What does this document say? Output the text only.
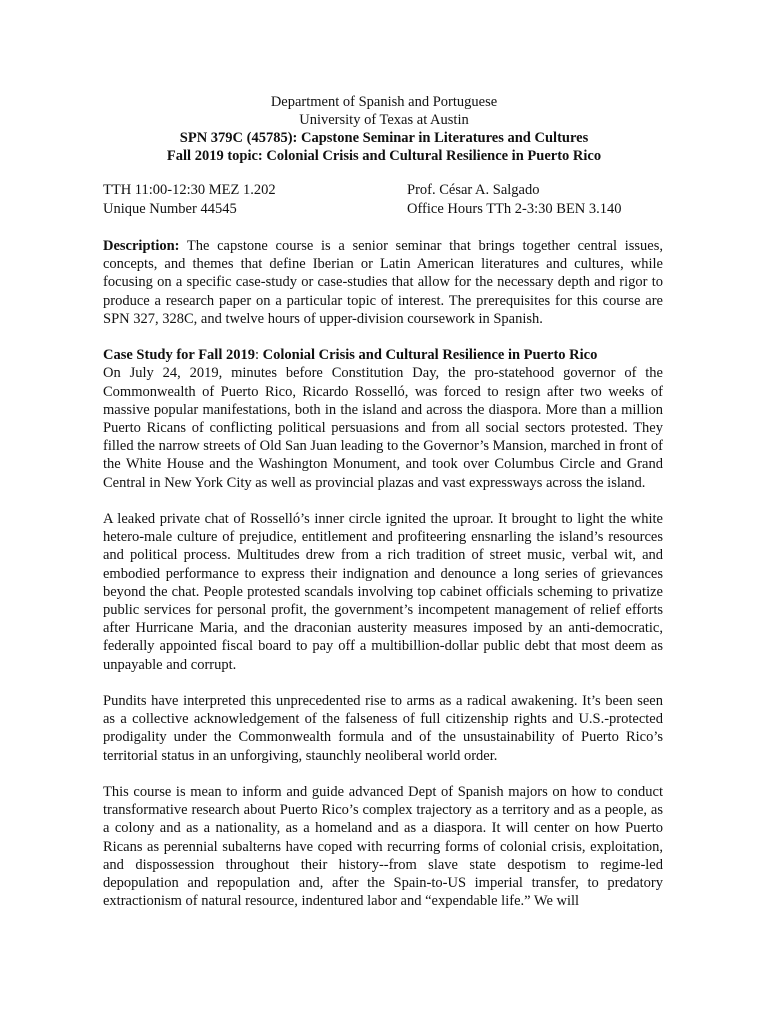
Department of Spanish and Portuguese
University of Texas at Austin
SPN 379C (45785): Capstone Seminar in Literatures and Cultures
Fall 2019 topic: Colonial Crisis and Cultural Resilience in Puerto Rico
TTH 11:00-12:30 MEZ 1.202	Prof. César A. Salgado
Unique Number 44545	Office Hours TTh 2-3:30 BEN 3.140

Description: The capstone course is a senior seminar that brings together central issues, concepts, and themes that define Iberian or Latin American literatures and cultures, while focusing on a specific case-study or case-studies that allow for the necessary depth and rigor to produce a research paper on a particular topic of interest. The prerequisites for this course are SPN 327, 328C, and twelve hours of upper-division coursework in Spanish.

Case Study for Fall 2019: Colonial Crisis and Cultural Resilience in Puerto Rico

On July 24, 2019, minutes before Constitution Day, the pro-statehood governor of the Commonwealth of Puerto Rico, Ricardo Rosselló, was forced to resign after two weeks of massive popular manifestations, both in the island and across the diaspora. More than a million Puerto Ricans of conflicting political persuasions and from all social sectors protested. They filled the narrow streets of Old San Juan leading to the Governor’s Mansion, marched in front of the White House and the Washington Monument, and took over Columbus Circle and Grand Central in New York City as well as provincial plazas and vast expressways across the island.

A leaked private chat of Rosselló’s inner circle ignited the uproar. It brought to light the white hetero-male culture of prejudice, entitlement and profiteering ensnarling the island’s resources and political process. Multitudes drew from a rich tradition of street music, verbal wit, and embodied performance to express their indignation and denounce a long series of grievances beyond the chat. People protested scandals involving top cabinet officials scheming to privatize public services for personal profit, the government’s incompetent management of relief efforts after Hurricane Maria, and the draconian austerity measures imposed by an anti-democratic, federally appointed fiscal board to pay off a multibillion-dollar public debt that most deem as unpayable and corrupt.

Pundits have interpreted this unprecedented rise to arms as a radical awakening. It’s been seen as a collective acknowledgement of the falseness of full citizenship rights and U.S.-protected prodigality under the Commonwealth formula and of the unsustainability of Puerto Rico’s territorial status in an unforgiving, staunchly neoliberal world order.

This course is mean to inform and guide advanced Dept of Spanish majors on how to conduct transformative research about Puerto Rico’s complex trajectory as a territory and as a people, as a colony and as a nationality, as a homeland and as a diaspora. It will center on how Puerto Ricans as perennial subalterns have coped with recurring forms of colonial crisis, exploitation, and dispossession throughout their history--from slave state despotism to regime-led depopulation and repopulation and, after the Spain-to-US imperial transfer, to predatory extractionism of natural resource, indentured labor and “expendable life.” We will
